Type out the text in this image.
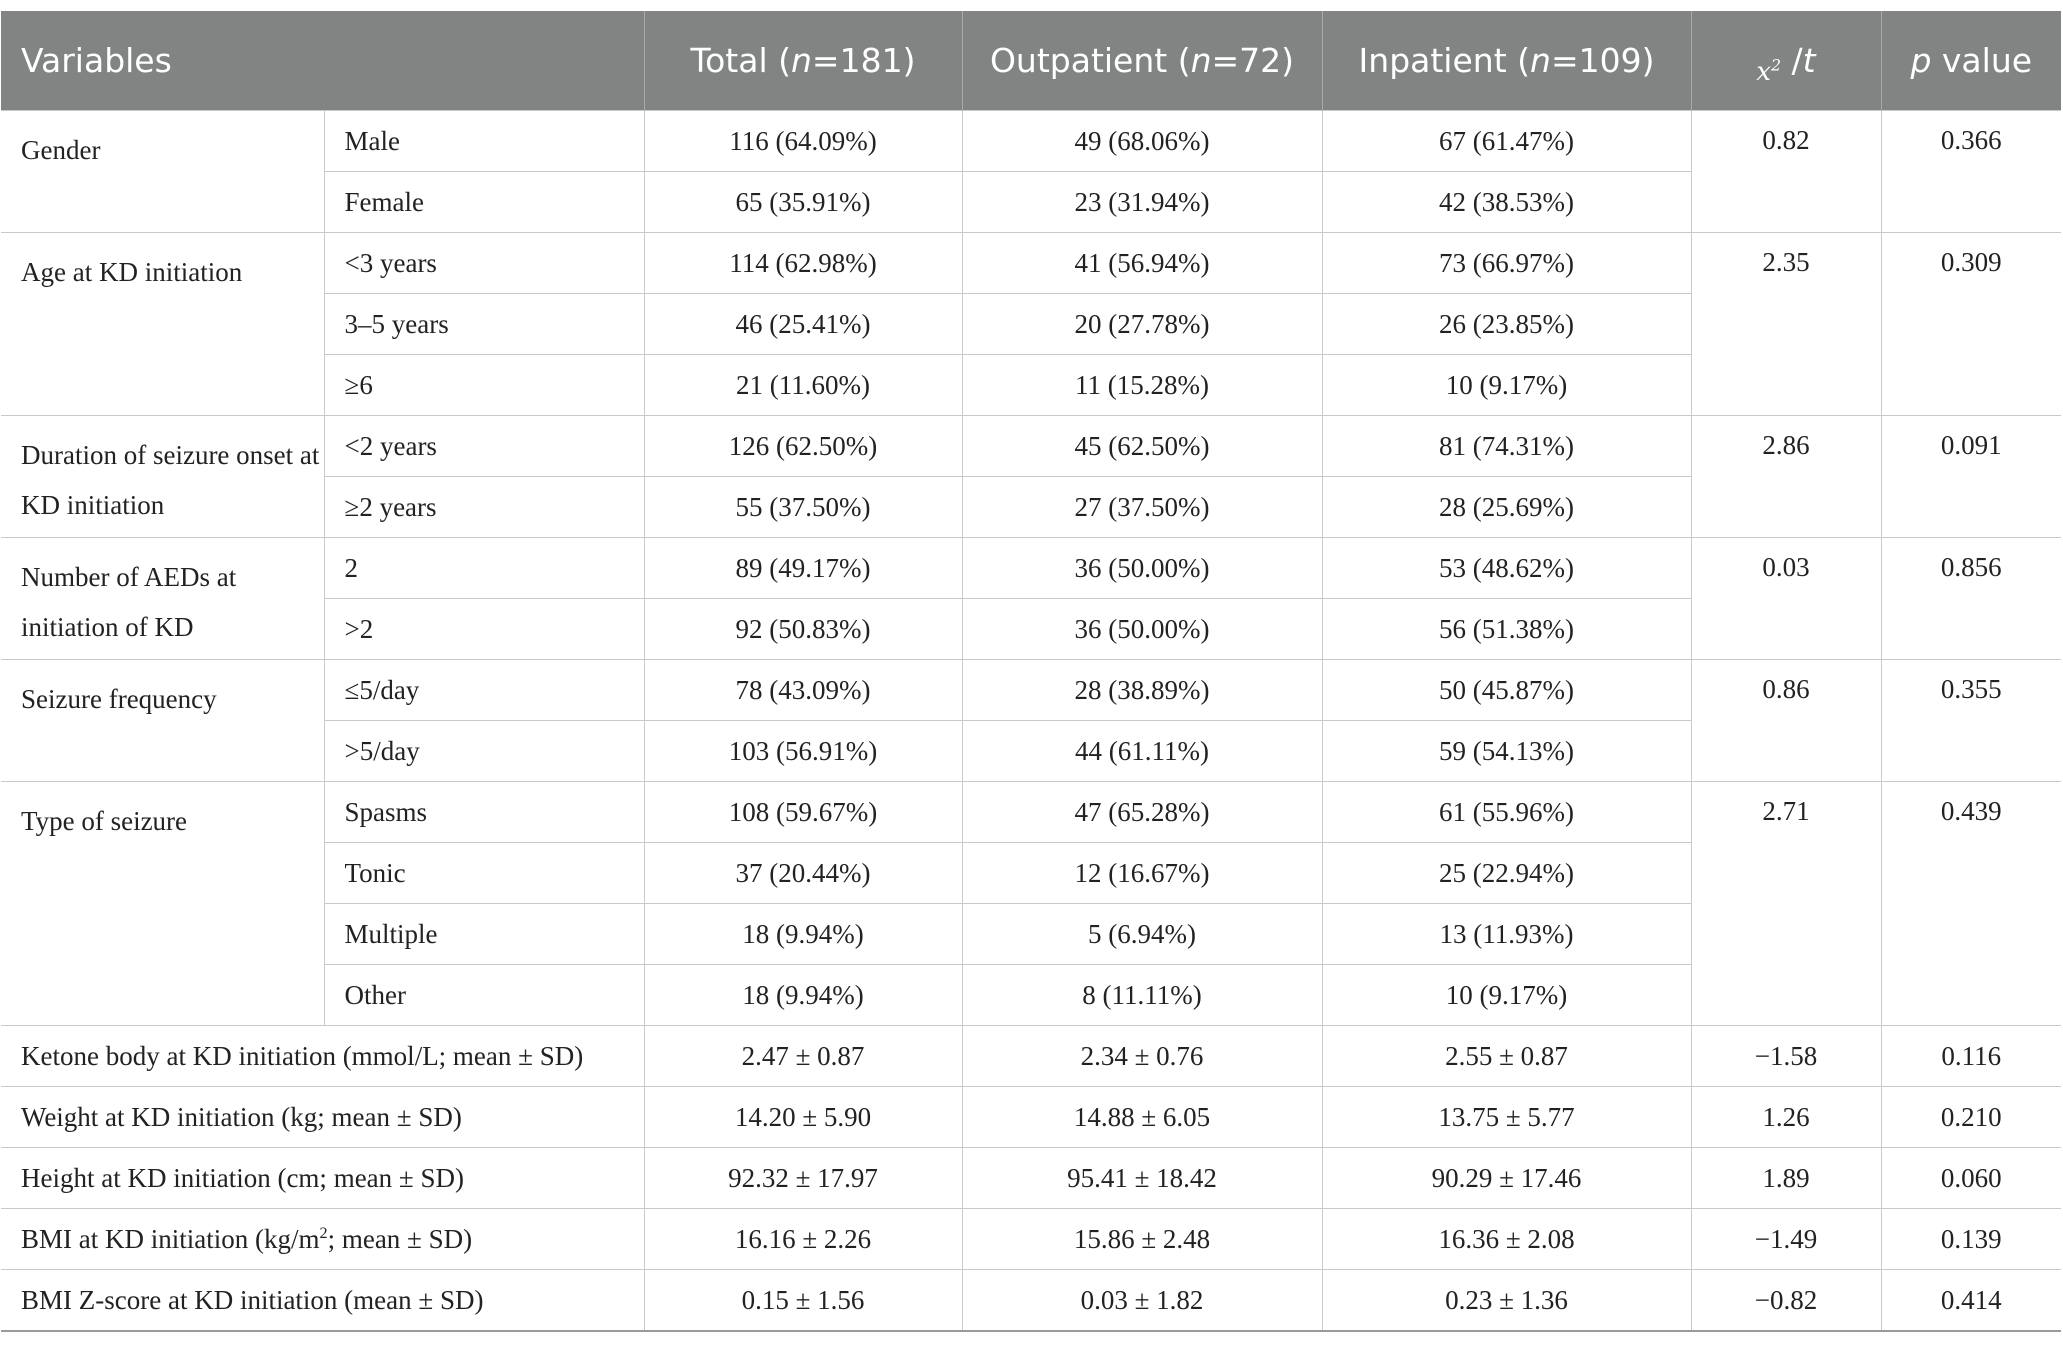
Variables		Total (n=181)	Outpatient (n=72)	Inpatient (n=109)	$_{x^2}$ /t	p value
Gender	Male	116 (64.09%)	49 (68.06%)	67 (61.47%)	0.82	0.366
	Female	65 (35.91%)	23 (31.94%)	42 (38.53%)		
Age at KD initiation	<3 years	114 (62.98%)	41 (56.94%)	73 (66.97%)	2.35	0.309
	3–5 years	46 (25.41%)	20 (27.78%)	26 (23.85%)		
	≥6	21 (11.60%)	11 (15.28%)	10 (9.17%)		
Duration of seizure onset at KD initiation	<2 years	126 (62.50%)	45 (62.50%)	81 (74.31%)	2.86	0.091
	≥2 years	55 (37.50%)	27 (37.50%)	28 (25.69%)		
Number of AEDs at initiation of KD	2	89 (49.17%)	36 (50.00%)	53 (48.62%)	0.03	0.856
	>2	92 (50.83%)	36 (50.00%)	56 (51.38%)		
Seizure frequency	≤5/day	78 (43.09%)	28 (38.89%)	50 (45.87%)	0.86	0.355
	>5/day	103 (56.91%)	44 (61.11%)	59 (54.13%)		
Type of seizure	Spasms	108 (59.67%)	47 (65.28%)	61 (55.96%)	2.71	0.439
	Tonic	37 (20.44%)	12 (16.67%)	25 (22.94%)		
	Multiple	18 (9.94%)	5 (6.94%)	13 (11.93%)		
	Other	18 (9.94%)	8 (11.11%)	10 (9.17%)		
Ketone body at KD initiation (mmol/L; mean ± SD)		2.47 ± 0.87	2.34 ± 0.76	2.55 ± 0.87	−1.58	0.116
Weight at KD initiation (kg; mean ± SD)		14.20 ± 5.90	14.88 ± 6.05	13.75 ± 5.77	1.26	0.210
Height at KD initiation (cm; mean ± SD)		92.32 ± 17.97	95.41 ± 18.42	90.29 ± 17.46	1.89	0.060
BMI at KD initiation ($kg/m^2$; mean ± SD)		16.16 ± 2.26	15.86 ± 2.48	16.36 ± 2.08	−1.49	0.139
BMI Z-score at KD initiation (mean ± SD)		0.15 ± 1.56	0.03 ± 1.82	0.23 ± 1.36	−0.82	0.414
